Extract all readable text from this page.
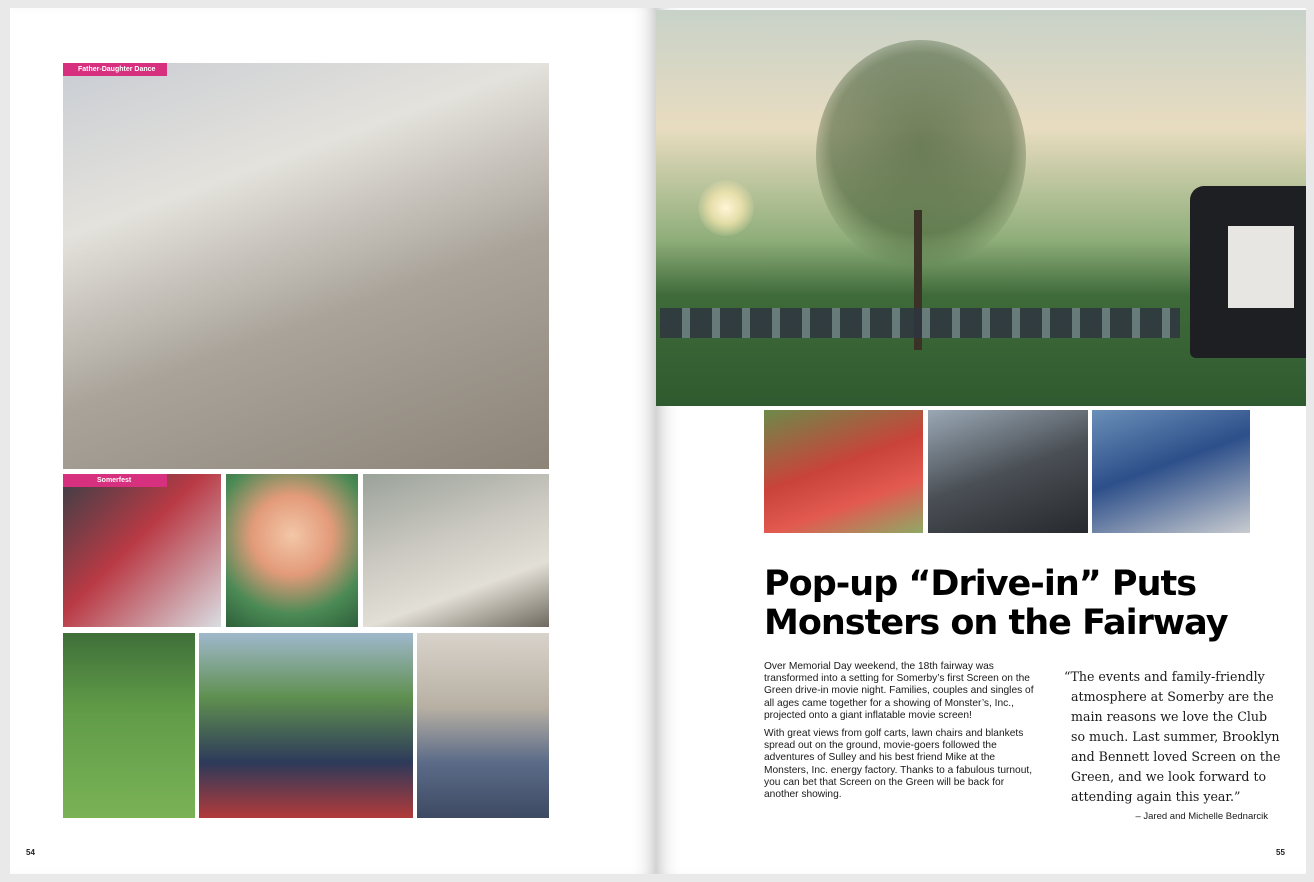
Father-Daughter Dance
Somerfest
54
Pop-up “Drive-in” Puts
Monsters on the Fairway

Over Memorial Day weekend, the 18th fairway was transformed into a setting for Somerby’s first Screen on the Green drive-in movie night. Families, couples and singles of all ages came together for a showing of Monster’s, Inc., projected onto a giant inflatable movie screen!

With great views from golf carts, lawn chairs and blankets spread out on the ground, movie-goers followed the adventures of Sulley and his best friend Mike at the Monsters, Inc. energy factory. Thanks to a fabulous turnout, you can bet that Screen on the Green will be back for another showing.

“The events and family-friendly atmosphere at Somerby are the main reasons we love the Club so much. Last summer, Brooklyn and Bennett loved Screen on the Green, and we look forward to attending again this year.”
– Jared and Michelle Bednarcik
55
